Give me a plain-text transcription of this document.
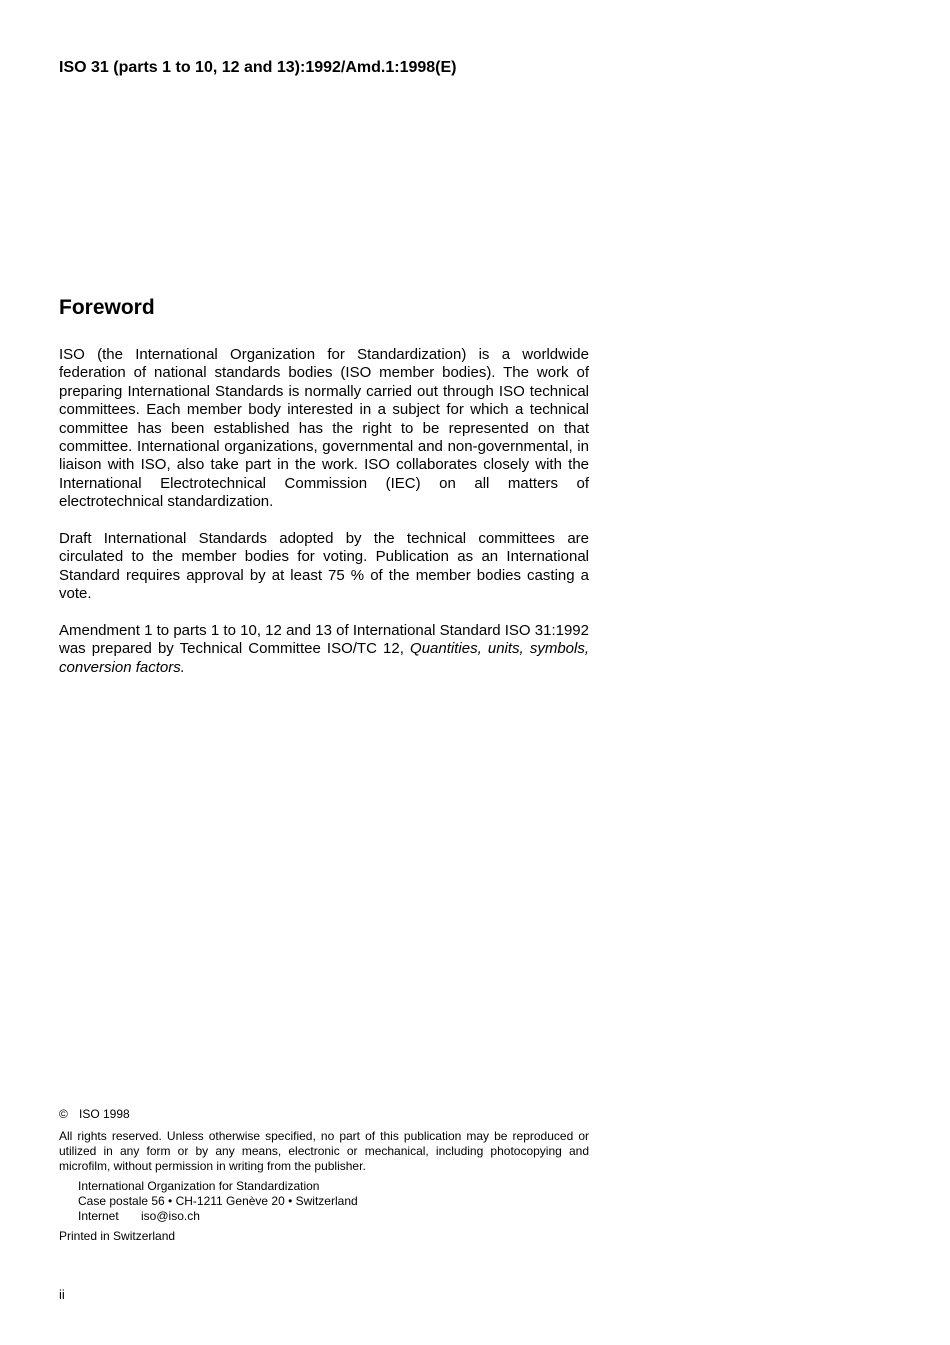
ISO 31 (parts 1 to 10, 12 and 13):1992/Amd.1:1998(E)
Foreword

ISO (the International Organization for Standardization) is a worldwide federation of national standards bodies (ISO member bodies). The work of preparing International Standards is normally carried out through ISO technical committees. Each member body interested in a subject for which a technical committee has been established has the right to be represented on that committee. International organizations, governmental and non-governmental, in liaison with ISO, also take part in the work. ISO collaborates closely with the International Electrotechnical Commission (IEC) on all matters of electrotechnical standardization.

Draft International Standards adopted by the technical committees are circulated to the member bodies for voting. Publication as an International Standard requires approval by at least 75 % of the member bodies casting a vote.

Amendment 1 to parts 1 to 10, 12 and 13 of International Standard ISO 31:1992 was prepared by Technical Committee ISO/TC 12, Quantities, units, symbols, conversion factors.

© ISO 1998
All rights reserved. Unless otherwise specified, no part of this publication may be reproduced or utilized in any form or by any means, electronic or mechanical, including photocopying and microfilm, without permission in writing from the publisher.
International Organization for Standardization
Case postale 56 • CH-1211 Genève 20 • Switzerland
Internet iso@iso.ch
Printed in Switzerland
ii
